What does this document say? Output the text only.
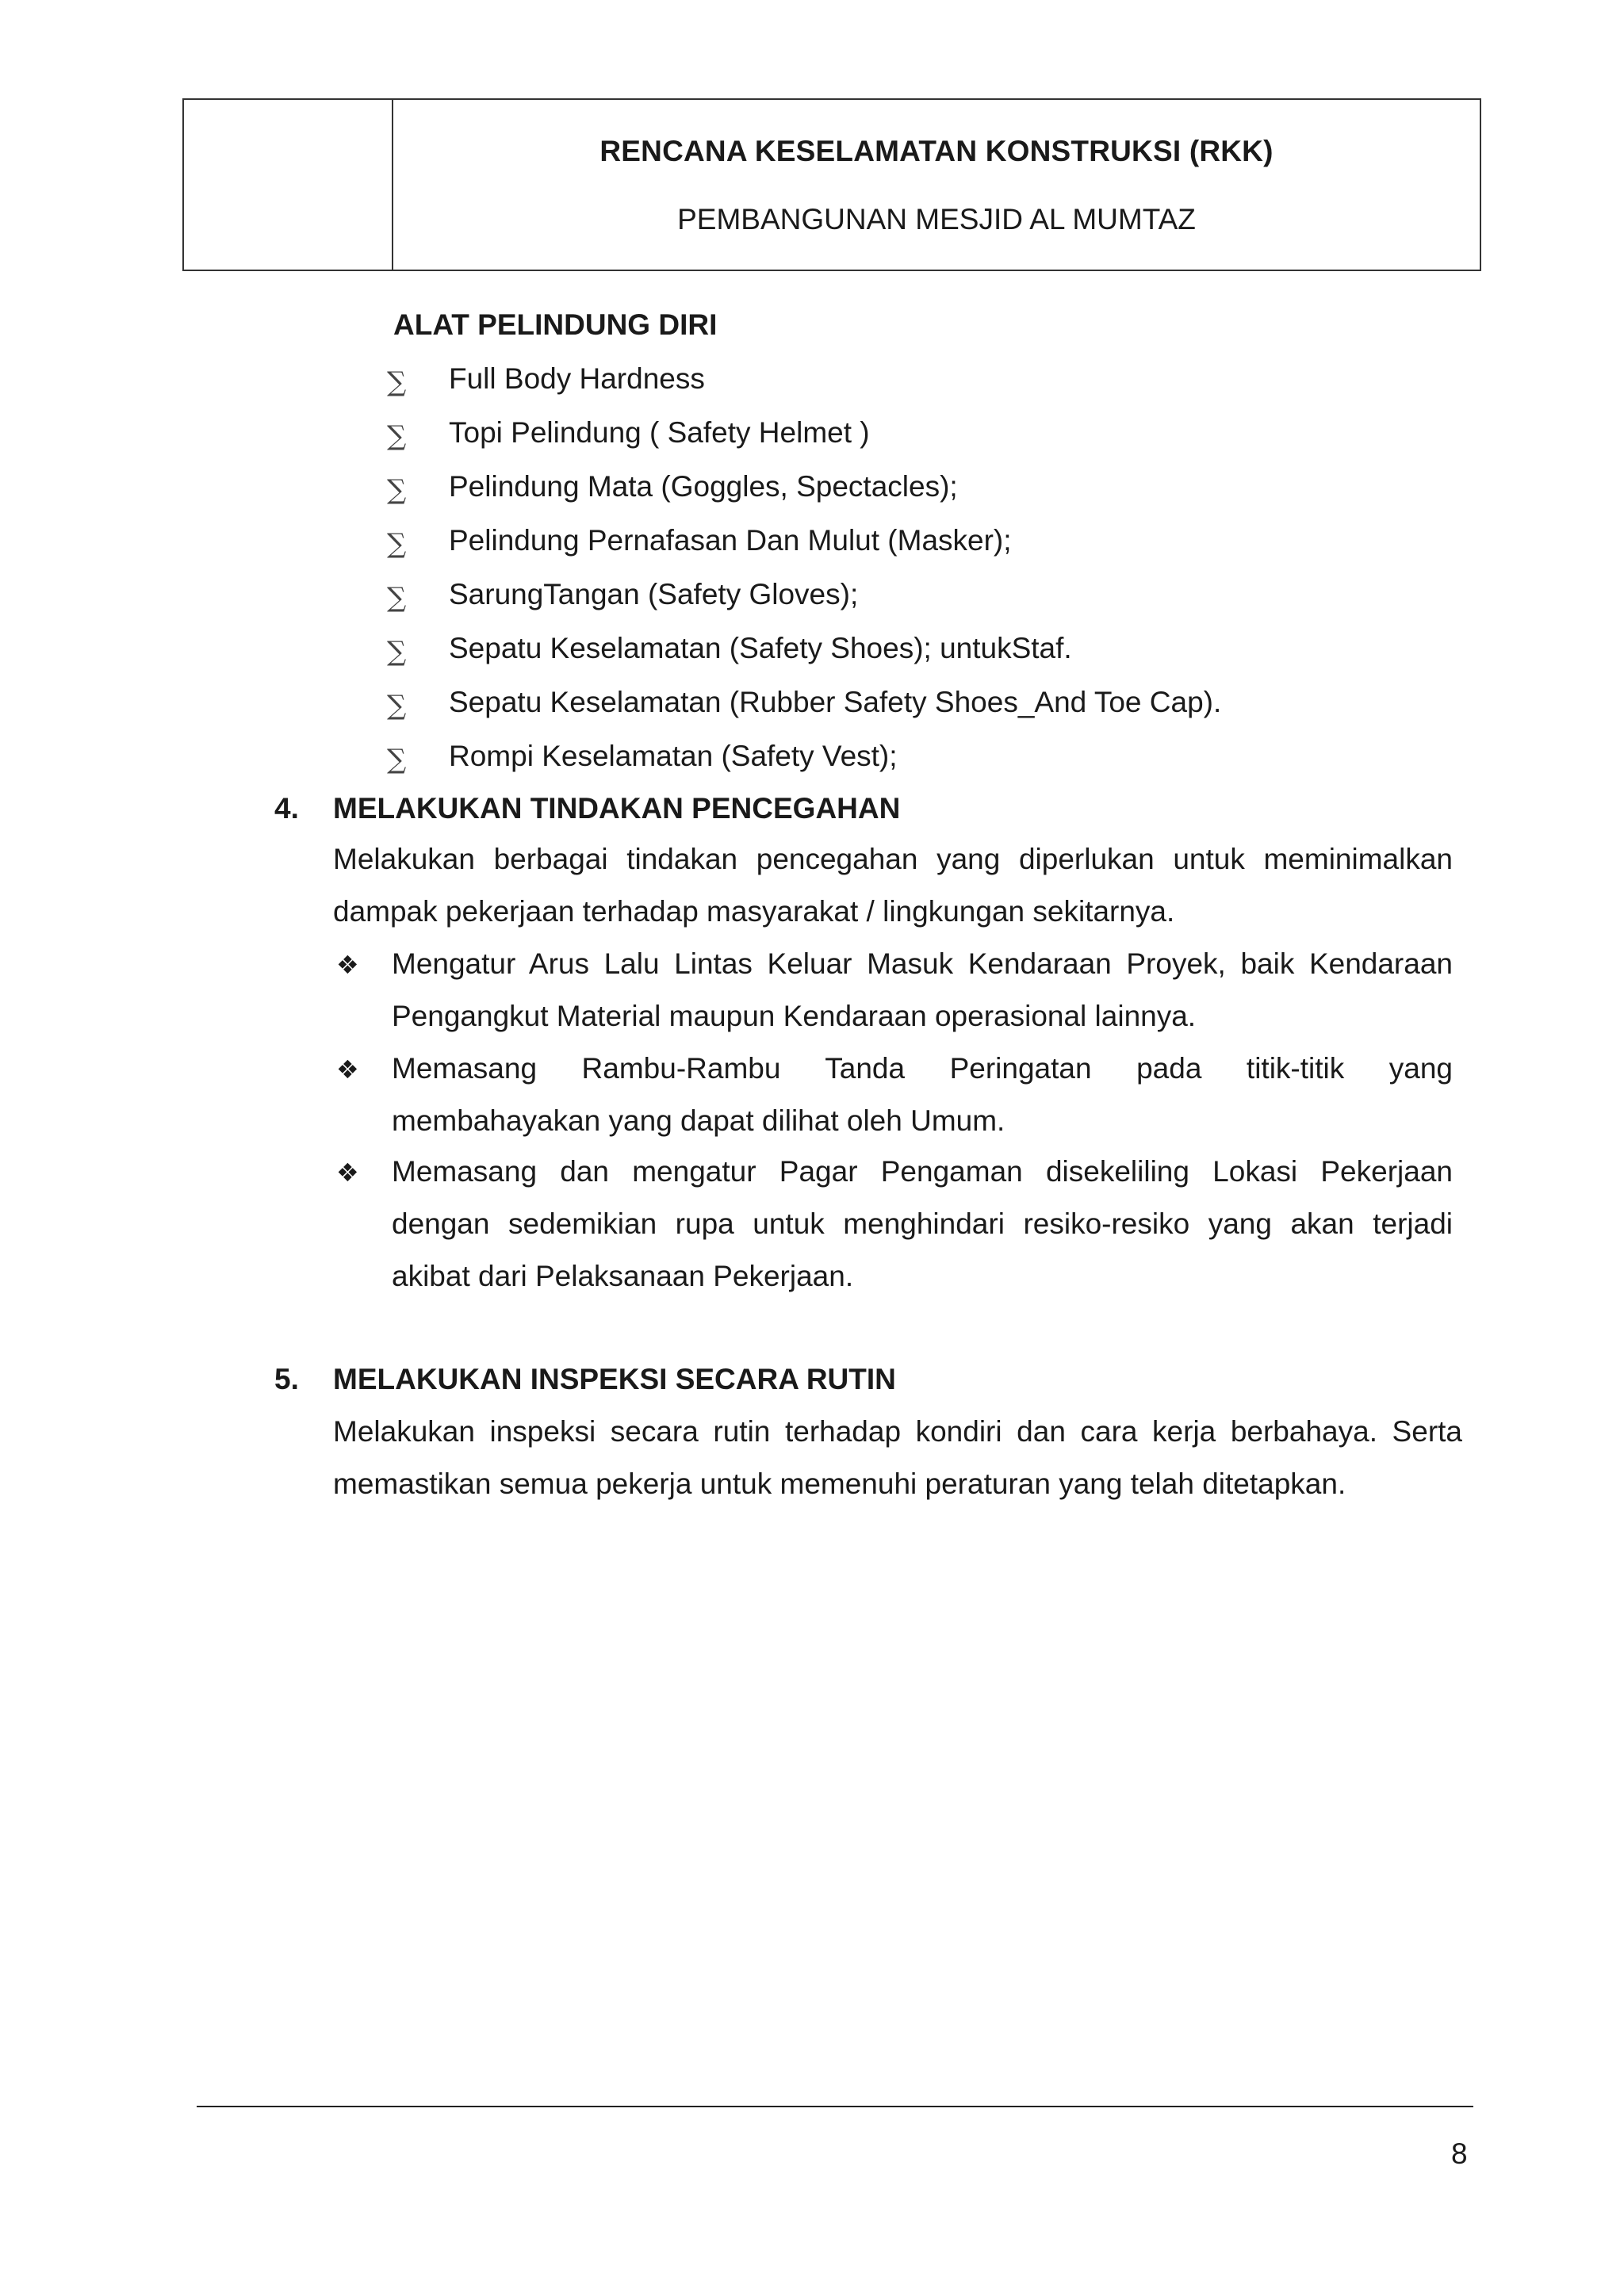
RENCANA KESELAMATAN KONSTRUKSI (RKK)
PEMBANGUNAN MESJID AL MUMTAZ
ALAT PELINDUNG DIRI
∑ Full Body Hardness
∑ Topi Pelindung ( Safety Helmet )
∑ Pelindung Mata (Goggles, Spectacles);
∑ Pelindung Pernafasan Dan Mulut (Masker);
∑ SarungTangan (Safety Gloves);
∑ Sepatu Keselamatan (Safety Shoes); untukStaf.
∑ Sepatu Keselamatan (Rubber Safety Shoes_And Toe Cap).
∑ Rompi Keselamatan (Safety Vest);
4. MELAKUKAN TINDAKAN PENCEGAHAN
Melakukan berbagai tindakan pencegahan yang diperlukan untuk meminimalkan
dampak pekerjaan terhadap masyarakat / lingkungan sekitarnya.
❖ Mengatur Arus Lalu Lintas Keluar Masuk Kendaraan Proyek, baik Kendaraan
Pengangkut Material maupun Kendaraan operasional lainnya.
❖ Memasang Rambu-Rambu Tanda Peringatan pada titik-titik yang
membahayakan yang dapat dilihat oleh Umum.
❖ Memasang dan mengatur Pagar Pengaman disekeliling Lokasi Pekerjaan
dengan sedemikian rupa untuk menghindari resiko-resiko yang akan terjadi
akibat dari Pelaksanaan Pekerjaan.
5. MELAKUKAN INSPEKSI SECARA RUTIN
Melakukan inspeksi secara rutin terhadap kondiri dan cara kerja berbahaya. Serta
memastikan semua pekerja untuk memenuhi peraturan yang telah ditetapkan.
8
